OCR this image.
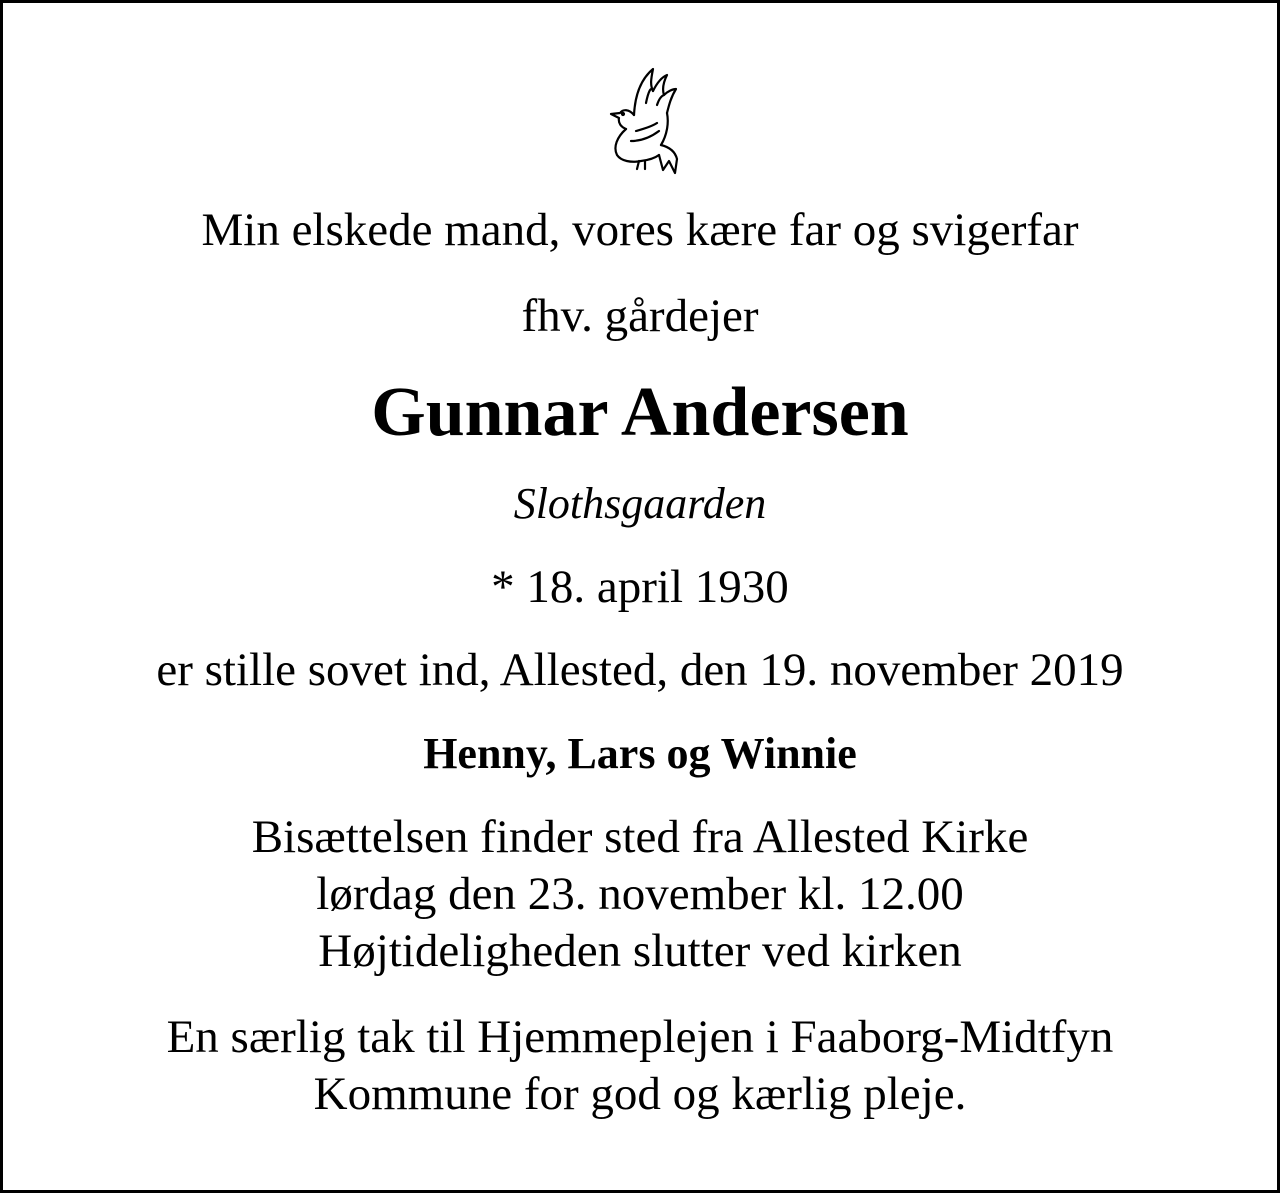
Min elskede mand, vores kære far og svigerfar
fhv. gårdejer
Gunnar Andersen
Slothsgaarden
* 18. april 1930
er stille sovet ind, Allested, den 19. november 2019
Henny, Lars og Winnie
Bisættelsen finder sted fra Allested Kirke
lørdag den 23. november kl. 12.00
Højtideligheden slutter ved kirken
En særlig tak til Hjemmeplejen i Faaborg-Midtfyn
Kommune for god og kærlig pleje.
